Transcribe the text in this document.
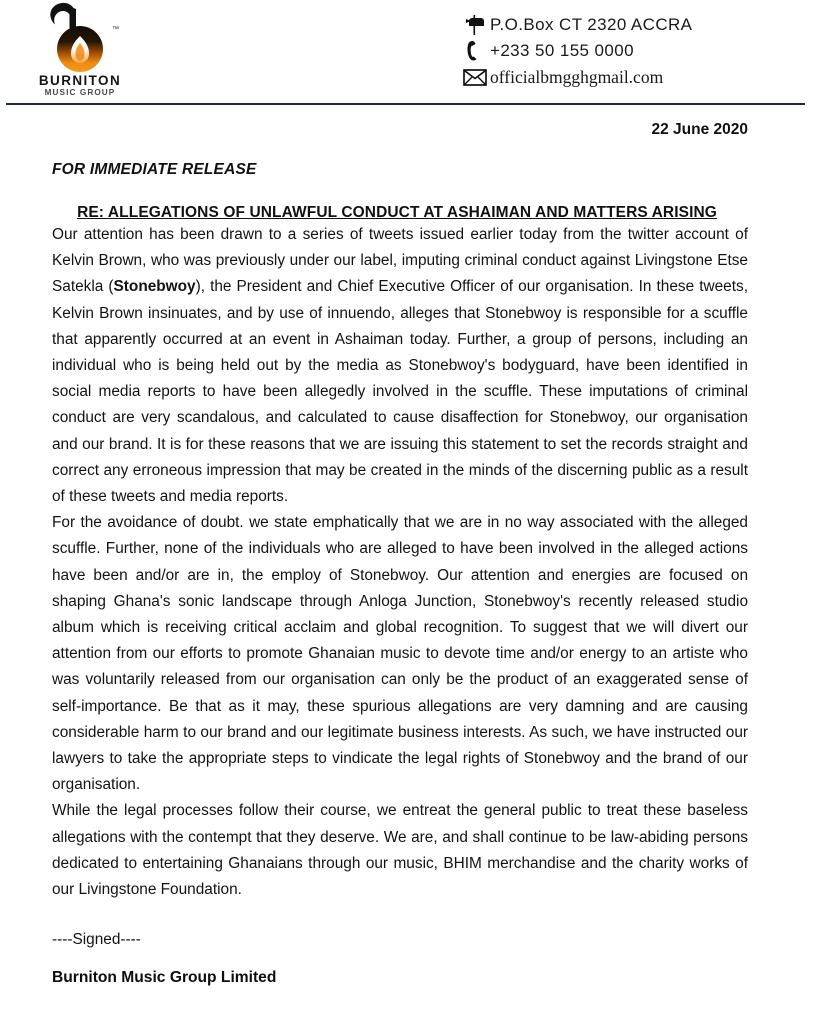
™
BURNITON
MUSIC GROUP
P.O.Box CT 2320 ACCRA
+233 50 155 0000
officialbmgghgmail.com
22 June 2020
FOR IMMEDIATE RELEASE
RE: ALLEGATIONS OF UNLAWFUL CONDUCT AT ASHAIMAN AND MATTERS ARISING

Our attention has been drawn to a series of tweets issued earlier today from the twitter account of Kelvin Brown, who was previously under our label, imputing criminal conduct against Livingstone Etse Satekla (Stonebwoy), the President and Chief Executive Officer of our organisation. In these tweets, Kelvin Brown insinuates, and by use of innuendo, alleges that Stonebwoy is responsible for a scuffle that apparently occurred at an event in Ashaiman today. Further, a group of persons, including an individual who is being held out by the media as Stonebwoy's bodyguard, have been identified in social media reports to have been allegedly involved in the scuffle. These imputations of criminal conduct are very scandalous, and calculated to cause disaffection for Stonebwoy, our organisation and our brand. It is for these reasons that we are issuing this statement to set the records straight and correct any erroneous impression that may be created in the minds of the discerning public as a result of these tweets and media reports.

For the avoidance of doubt. we state emphatically that we are in no way associated with the alleged scuffle. Further, none of the individuals who are alleged to have been involved in the alleged actions have been and/or are in, the employ of Stonebwoy. Our attention and energies are focused on shaping Ghana's sonic landscape through Anloga Junction, Stonebwoy's recently released studio album which is receiving critical acclaim and global recognition. To suggest that we will divert our attention from our efforts to promote Ghanaian music to devote time and/or energy to an artiste who was voluntarily released from our organisation can only be the product of an exaggerated sense of self-importance. Be that as it may, these spurious allegations are very damning and are causing considerable harm to our brand and our legitimate business interests. As such, we have instructed our lawyers to take the appropriate steps to vindicate the legal rights of Stonebwoy and the brand of our organisation.

While the legal processes follow their course, we entreat the general public to treat these baseless allegations with the contempt that they deserve. We are, and shall continue to be law-abiding persons dedicated to entertaining Ghanaians through our music, BHIM merchandise and the charity works of our Livingstone Foundation.

----Signed----
Burniton Music Group Limited
